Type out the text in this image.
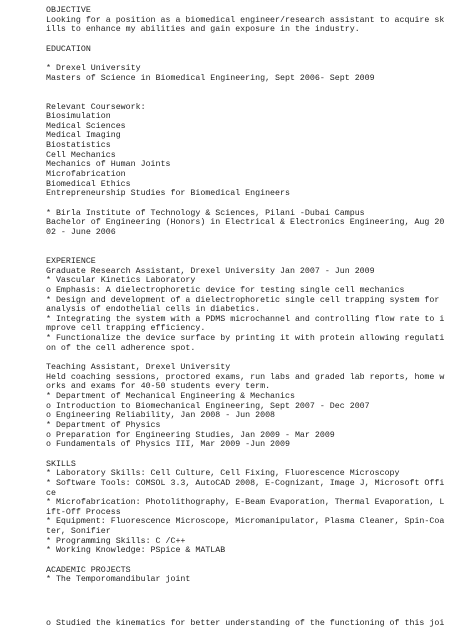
OBJECTIVE
Looking for a position as a biomedical engineer/research assistant to acquire sk
ills to enhance my abilities and gain exposure in the industry.
EDUCATION
* Drexel University
Masters of Science in Biomedical Engineering, Sept 2006- Sept 2009
Relevant Coursework:
Biosimulation
Medical Sciences
Medical Imaging
Biostatistics
Cell Mechanics
Mechanics of Human Joints
Microfabrication
Biomedical Ethics
Entrepreneurship Studies for Biomedical Engineers
* Birla Institute of Technology & Sciences, Pilani -Dubai Campus
Bachelor of Engineering (Honors) in Electrical & Electronics Engineering, Aug 20
02 - June 2006
EXPERIENCE
Graduate Research Assistant, Drexel University Jan 2007 - Jun 2009
* Vascular Kinetics Laboratory
o Emphasis: A dielectrophoretic device for testing single cell mechanics
* Design and development of a dielectrophoretic single cell trapping system for
analysis of endothelial cells in diabetics.
* Integrating the system with a PDMS microchannel and controlling flow rate to i
mprove cell trapping efficiency.
* Functionalize the device surface by printing it with protein allowing regulati
on of the cell adherence spot.
Teaching Assistant, Drexel University
Held coaching sessions, proctored exams, run labs and graded lab reports, home w
orks and exams for 40-50 students every term.
* Department of Mechanical Engineering & Mechanics
o Introduction to Biomechanical Engineering, Sept 2007 - Dec 2007
o Engineering Reliability, Jan 2008 - Jun 2008
* Department of Physics
o Preparation for Engineering Studies, Jan 2009 - Mar 2009
o Fundamentals of Physics III, Mar 2009 -Jun 2009
SKILLS
* Laboratory Skills: Cell Culture, Cell Fixing, Fluorescence Microscopy
* Software Tools: COMSOL 3.3, AutoCAD 2008, E-Cognizant, Image J, Microsoft Offi
ce
* Microfabrication: Photolithography, E-Beam Evaporation, Thermal Evaporation, L
ift-Off Process
* Equipment: Fluorescence Microscope, Micromanipulator, Plasma Cleaner, Spin-Coa
ter, Sonifier
* Programming Skills: C /C++
* Working Knowledge: PSpice & MATLAB
ACADEMIC PROJECTS
* The Temporomandibular joint
o Studied the kinematics for better understanding of the functioning of this joi
